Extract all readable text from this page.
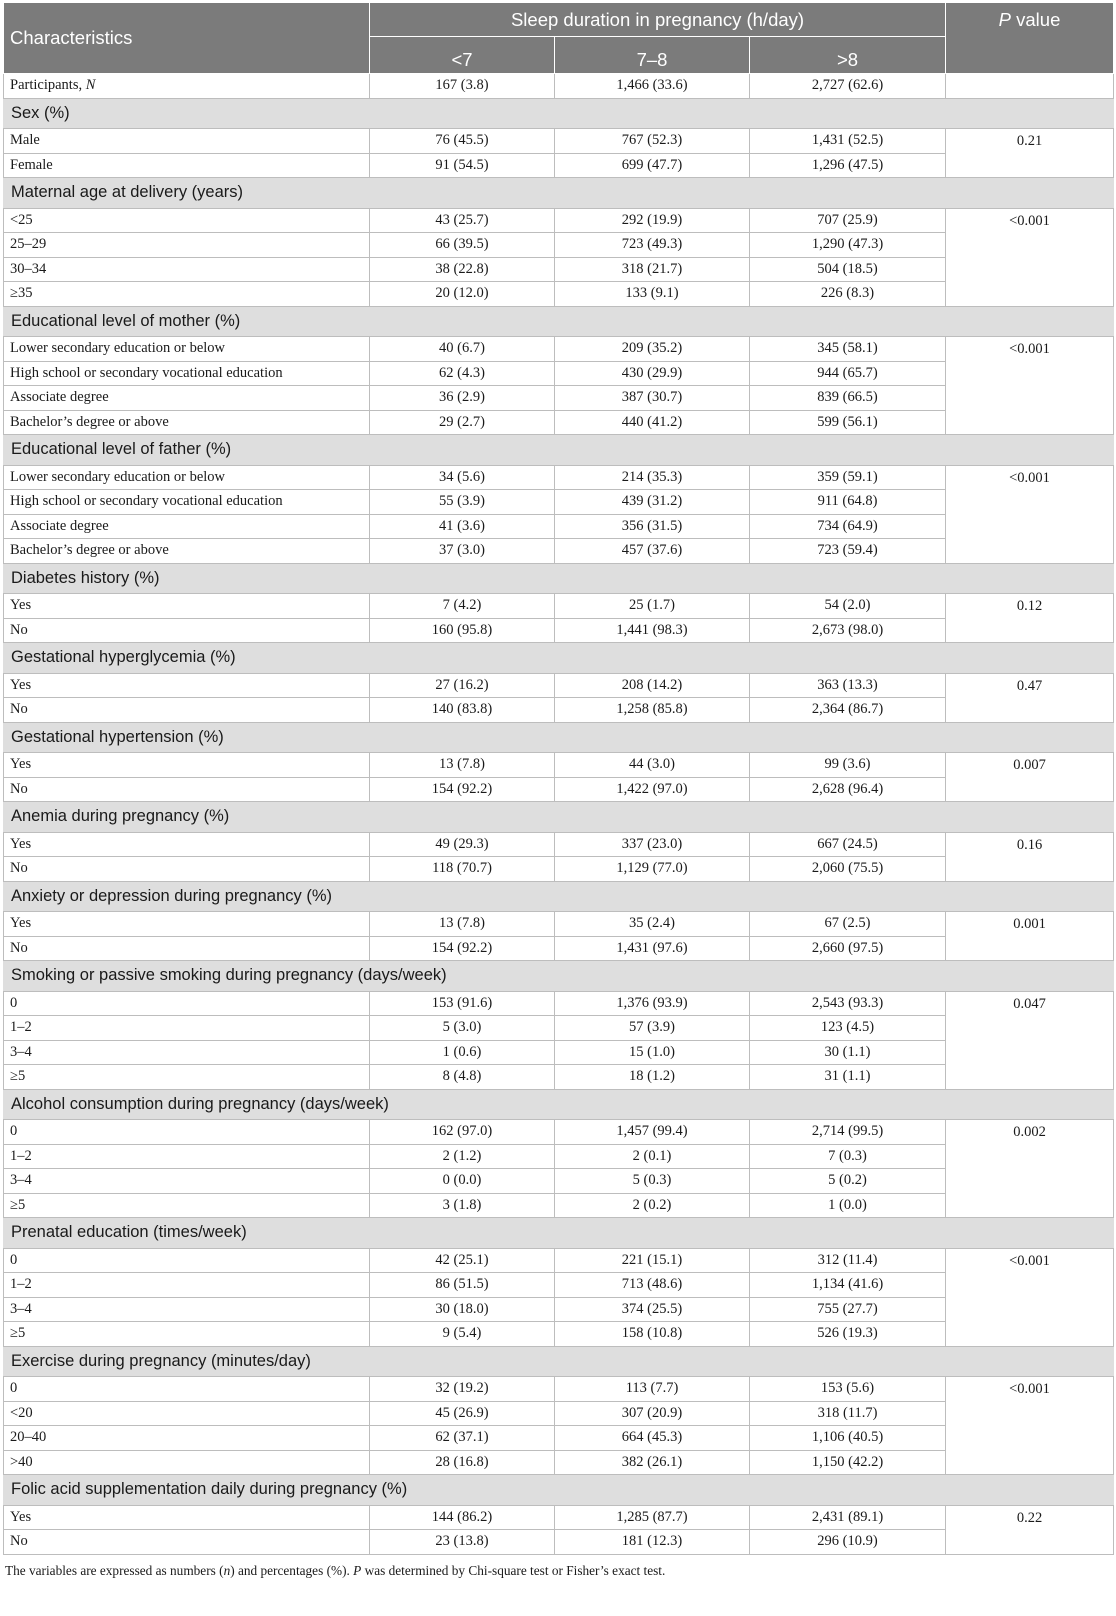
Characteristics	Sleep duration in pregnancy (h/day)			P value
	<7	7–8	>8	
Participants, N	167 (3.8)	1,466 (33.6)	2,727 (62.6)	
Sex (%)				
Male	76 (45.5)	767 (52.3)	1,431 (52.5)	0.21
Female	91 (54.5)	699 (47.7)	1,296 (47.5)	
Maternal age at delivery (years)				
<25	43 (25.7)	292 (19.9)	707 (25.9)	<0.001
25–29	66 (39.5)	723 (49.3)	1,290 (47.3)	
30–34	38 (22.8)	318 (21.7)	504 (18.5)	
≥35	20 (12.0)	133 (9.1)	226 (8.3)	
Educational level of mother (%)				
Lower secondary education or below	40 (6.7)	209 (35.2)	345 (58.1)	<0.001
High school or secondary vocational education	62 (4.3)	430 (29.9)	944 (65.7)	
Associate degree	36 (2.9)	387 (30.7)	839 (66.5)	
Bachelor’s degree or above	29 (2.7)	440 (41.2)	599 (56.1)	
Educational level of father (%)				
Lower secondary education or below	34 (5.6)	214 (35.3)	359 (59.1)	<0.001
High school or secondary vocational education	55 (3.9)	439 (31.2)	911 (64.8)	
Associate degree	41 (3.6)	356 (31.5)	734 (64.9)	
Bachelor’s degree or above	37 (3.0)	457 (37.6)	723 (59.4)	
Diabetes history (%)				
Yes	7 (4.2)	25 (1.7)	54 (2.0)	0.12
No	160 (95.8)	1,441 (98.3)	2,673 (98.0)	
Gestational hyperglycemia (%)				
Yes	27 (16.2)	208 (14.2)	363 (13.3)	0.47
No	140 (83.8)	1,258 (85.8)	2,364 (86.7)	
Gestational hypertension (%)				
Yes	13 (7.8)	44 (3.0)	99 (3.6)	0.007
No	154 (92.2)	1,422 (97.0)	2,628 (96.4)	
Anemia during pregnancy (%)				
Yes	49 (29.3)	337 (23.0)	667 (24.5)	0.16
No	118 (70.7)	1,129 (77.0)	2,060 (75.5)	
Anxiety or depression during pregnancy (%)				
Yes	13 (7.8)	35 (2.4)	67 (2.5)	0.001
No	154 (92.2)	1,431 (97.6)	2,660 (97.5)	
Smoking or passive smoking during pregnancy (days/week)				
0	153 (91.6)	1,376 (93.9)	2,543 (93.3)	0.047
1–2	5 (3.0)	57 (3.9)	123 (4.5)	
3–4	1 (0.6)	15 (1.0)	30 (1.1)	
≥5	8 (4.8)	18 (1.2)	31 (1.1)	
Alcohol consumption during pregnancy (days/week)				
0	162 (97.0)	1,457 (99.4)	2,714 (99.5)	0.002
1–2	2 (1.2)	2 (0.1)	7 (0.3)	
3–4	0 (0.0)	5 (0.3)	5 (0.2)	
≥5	3 (1.8)	2 (0.2)	1 (0.0)	
Prenatal education (times/week)				
0	42 (25.1)	221 (15.1)	312 (11.4)	<0.001
1–2	86 (51.5)	713 (48.6)	1,134 (41.6)	
3–4	30 (18.0)	374 (25.5)	755 (27.7)	
≥5	9 (5.4)	158 (10.8)	526 (19.3)	
Exercise during pregnancy (minutes/day)				
0	32 (19.2)	113 (7.7)	153 (5.6)	<0.001
<20	45 (26.9)	307 (20.9)	318 (11.7)	
20–40	62 (37.1)	664 (45.3)	1,106 (40.5)	
>40	28 (16.8)	382 (26.1)	1,150 (42.2)	
Folic acid supplementation daily during pregnancy (%)				
Yes	144 (86.2)	1,285 (87.7)	2,431 (89.1)	0.22
No	23 (13.8)	181 (12.3)	296 (10.9)	
The variables are expressed as numbers (n) and percentages (%). P was determined by Chi-square test or Fisher’s exact test.
